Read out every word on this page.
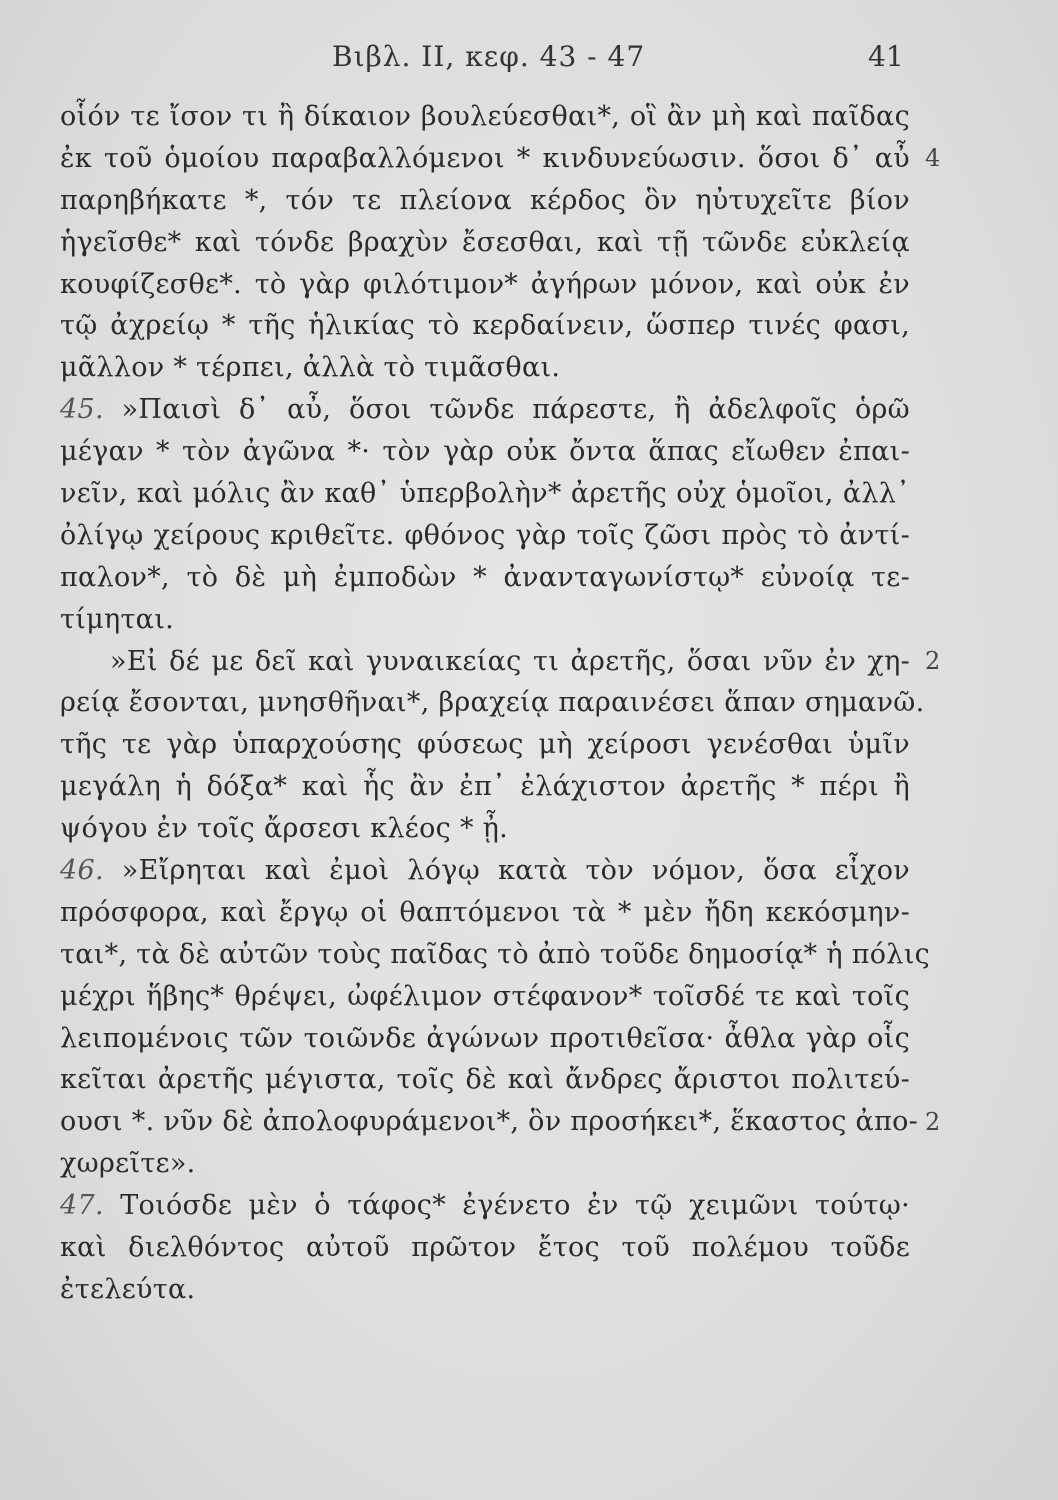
Βιβλ. II, κεφ. 43 - 47	41
οἷόν τε ἴσον τι ἢ δίκαιον βουλεύεσθαι*, οἳ ἂν μὴ καὶ παῖδας
ἐκ τοῦ ὁμοίου παραβαλλόμενοι * κινδυνεύωσιν. ὅσοι δ᾽ αὖ
παρηβήκατε *, τόν τε πλείονα κέρδος ὃν ηὐτυχεῖτε βίον
ἡγεῖσθε* καὶ τόνδε βραχὺν ἔσεσθαι, καὶ τῇ τῶνδε εὐκλείᾳ
κουφίζεσθε*. τὸ γὰρ φιλότιμον* ἀγήρων μόνον, καὶ οὐκ ἐν
τῷ ἀχρείῳ * τῆς ἡλικίας τὸ κερδαίνειν, ὥσπερ τινές φασι,
μᾶλλον * τέρπει, ἀλλὰ τὸ τιμᾶσθαι.
45. »Παισὶ δ᾽ αὖ, ὅσοι τῶνδε πάρεστε, ἢ ἀδελφοῖς ὁρῶ
μέγαν * τὸν ἀγῶνα *· τὸν γὰρ οὐκ ὄντα ἅπας εἴωθεν ἐπαι-
νεῖν, καὶ μόλις ἂν καθ᾽ ὑπερβολὴν* ἀρετῆς οὐχ ὁμοῖοι, ἀλλ᾽
ὀλίγῳ χείρους κριθεῖτε. φθόνος γὰρ τοῖς ζῶσι πρὸς τὸ ἀντί-
παλον*, τὸ δὲ μὴ ἐμποδὼν * ἀνανταγωνίστῳ* εὐνοίᾳ τε-
τίμηται.
»Εἰ δέ με δεῖ καὶ γυναικείας τι ἀρετῆς, ὅσαι νῦν ἐν χη-
ρείᾳ ἔσονται, μνησθῆναι*, βραχείᾳ παραινέσει ἅπαν σημανῶ.
τῆς τε γὰρ ὑπαρχούσης φύσεως μὴ χείροσι γενέσθαι ὑμῖν
μεγάλη ἡ δόξα* καὶ ἧς ἂν ἐπ᾽ ἐλάχιστον ἀρετῆς * πέρι ἢ
ψόγου ἐν τοῖς ἄρσεσι κλέος * ᾖ.
46. »Εἴρηται καὶ ἐμοὶ λόγῳ κατὰ τὸν νόμον, ὅσα εἶχον
πρόσφορα, καὶ ἔργῳ οἱ θαπτόμενοι τὰ * μὲν ἤδη κεκόσμην-
ται*, τὰ δὲ αὐτῶν τοὺς παῖδας τὸ ἀπὸ τοῦδε δημοσίᾳ* ἡ πόλις
μέχρι ἥβης* θρέψει, ὠφέλιμον στέφανον* τοῖσδέ τε καὶ τοῖς
λειπομένοις τῶν τοιῶνδε ἀγώνων προτιθεῖσα· ἆθλα γὰρ οἷς
κεῖται ἀρετῆς μέγιστα, τοῖς δὲ καὶ ἄνδρες ἄριστοι πολιτεύ-
ουσι *. νῦν δὲ ἀπολοφυράμενοι*, ὃν προσήκει*, ἕκαστος ἀπο-
χωρεῖτε».
47. Τοιόσδε μὲν ὁ τάφος* ἐγένετο ἐν τῷ χειμῶνι τούτῳ·
καὶ διελθόντος αὐτοῦ πρῶτον ἔτος τοῦ πολέμου τοῦδε
ἐτελεύτα.
4
2
2
